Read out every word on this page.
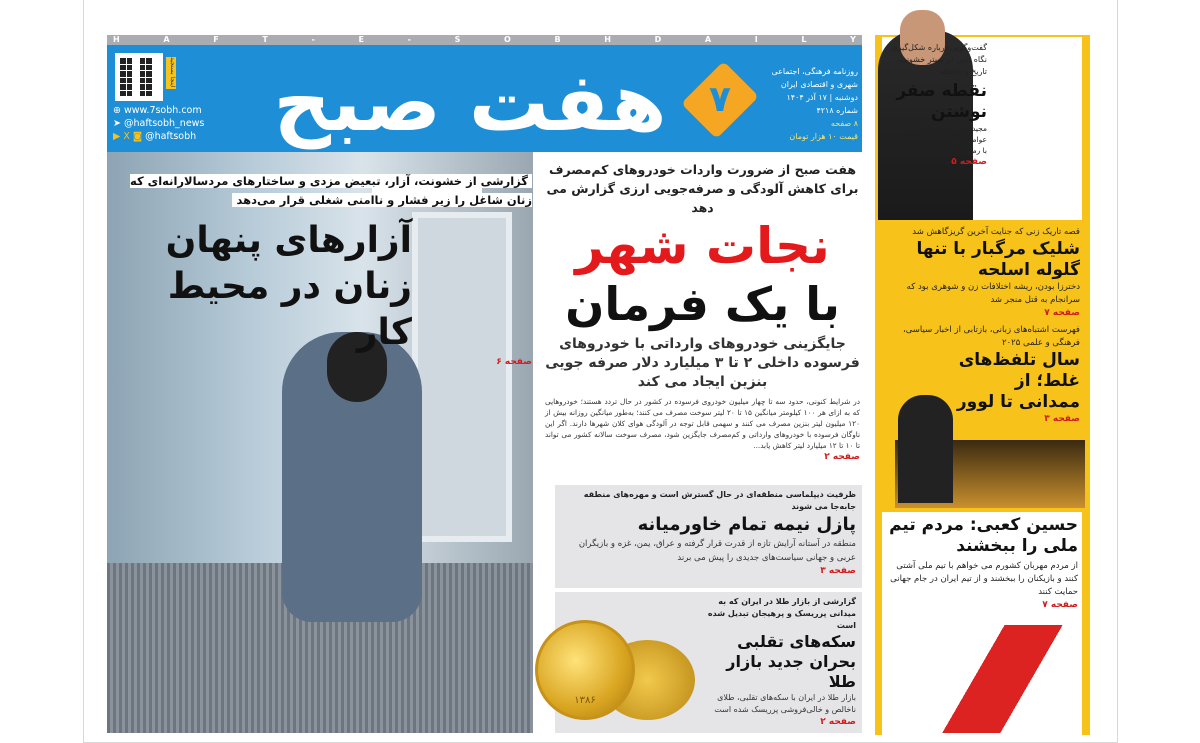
H	A	F	T	-	E	-	S	O	B	H	D	A	I	L	Y
هفت صبح	۷
اینجا بسنجید
⊕ www.7sobh.com
➤ @haftsobh_news
▶ X ◙ @haftsobh
روزنامه فرهنگی، اجتماعی
شهری و اقتصادی ایران
دوشنبه | ۱۷ آذر ۱۴۰۴
شماره ۴۲۱۸
۸ صفحه
قیمت ۱۰ هزار تومان
گزارشی از خشونت، آزار، تبعیض مزدی و ساختارهای مردسالارانه‌ای که زنان شاغل را زیر فشار و ناامنی شغلی قرار می‌دهد
آزارهای پنهان زنان در محیط کار
صفحه ۶
هفت صبح از ضرورت واردات خودروهای کم‌مصرف برای کاهش آلودگی و صرفه‌جویی ارزی گزارش می دهد
نجات شهر
با یک فرمان
جایگزینی خودروهای وارداتی با خودروهای فرسوده داخلی ۲ تا ۳ میلیارد دلار صرفه جویی بنزین ایجاد می کند
در شرایط کنونی، حدود سه تا چهار میلیون خودروی فرسوده در کشور در حال تردد هستند؛ خودروهایی که به ازای هر ۱۰۰ کیلومتر میانگین ۱۵ تا ۲۰ لیتر سوخت مصرف می کنند؛ به‌طور میانگین روزانه بیش از ۱۲۰ میلیون لیتر بنزین مصرف می کنند و سهمی قابل توجه در آلودگی هوای کلان شهرها دارند. اگر این ناوگان فرسوده با خودروهای وارداتی و کم‌مصرف جایگزین شود، مصرف سوخت سالانه کشور می تواند تا ۱۰ تا ۱۲ میلیارد لیتر کاهش یابد...
صفحه ۲
ظرفیت دیپلماسی منطقه‌ای در حال گسترش است و مهره‌های منطقه جابه‌جا می شوند
پازل نیمه تمام خاورمیانه
منطقه در آستانه آرایش تازه از قدرت قرار گرفته و عراق، یمن، غزه و بازیگران عربی و جهانی سیاست‌های جدیدی را پیش می برند
صفحه ۳
گزارشی از بازار طلا در ایران که به میدانی پرریسک و پرهیجان تبدیل شده است
سکه‌های تقلبی بحران جدید بازار طلا
بازار طلا در ایران با سکه‌های تقلبی، طلای ناخالص و خالی‌فروشی پرریسک شده است
صفحه ۲
۱۳۸۶
گفت‌وگویی درباره شکل‌گیری نگاه ادبی در بستر خشونت، تاریخ و حافظه
نقطه صفر نوشتن
مجید قیصری سانسور را یکی از عوامل مهم افت ارتباط مخاطب با رمان ایرانی معرفی می کند
صفحه ۵
قصه تاریک زنی که جنایت آخرین گریزگاهش شد
شلیک مرگبار با تنها گلوله اسلحه
دخترزا بودن، ریشه اختلافات زن و شوهری بود که سرانجام به قتل منجر شد
صفحه ۷
فهرست اشتباه‌های زبانی، بازتابی از اخبار سیاسی، فرهنگی و علمی ۲۰۲۵
سال تلفظ‌های غلط؛ از ممدانی تا لوور
صفحه ۳
حسین کعبی: مردم تیم ملی را ببخشند
از مردم مهربان کشورم می خواهم با تیم ملی آشتی کنند و بازیکنان را ببخشند و از تیم ایران در جام جهانی حمایت کنند
صفحه ۷
